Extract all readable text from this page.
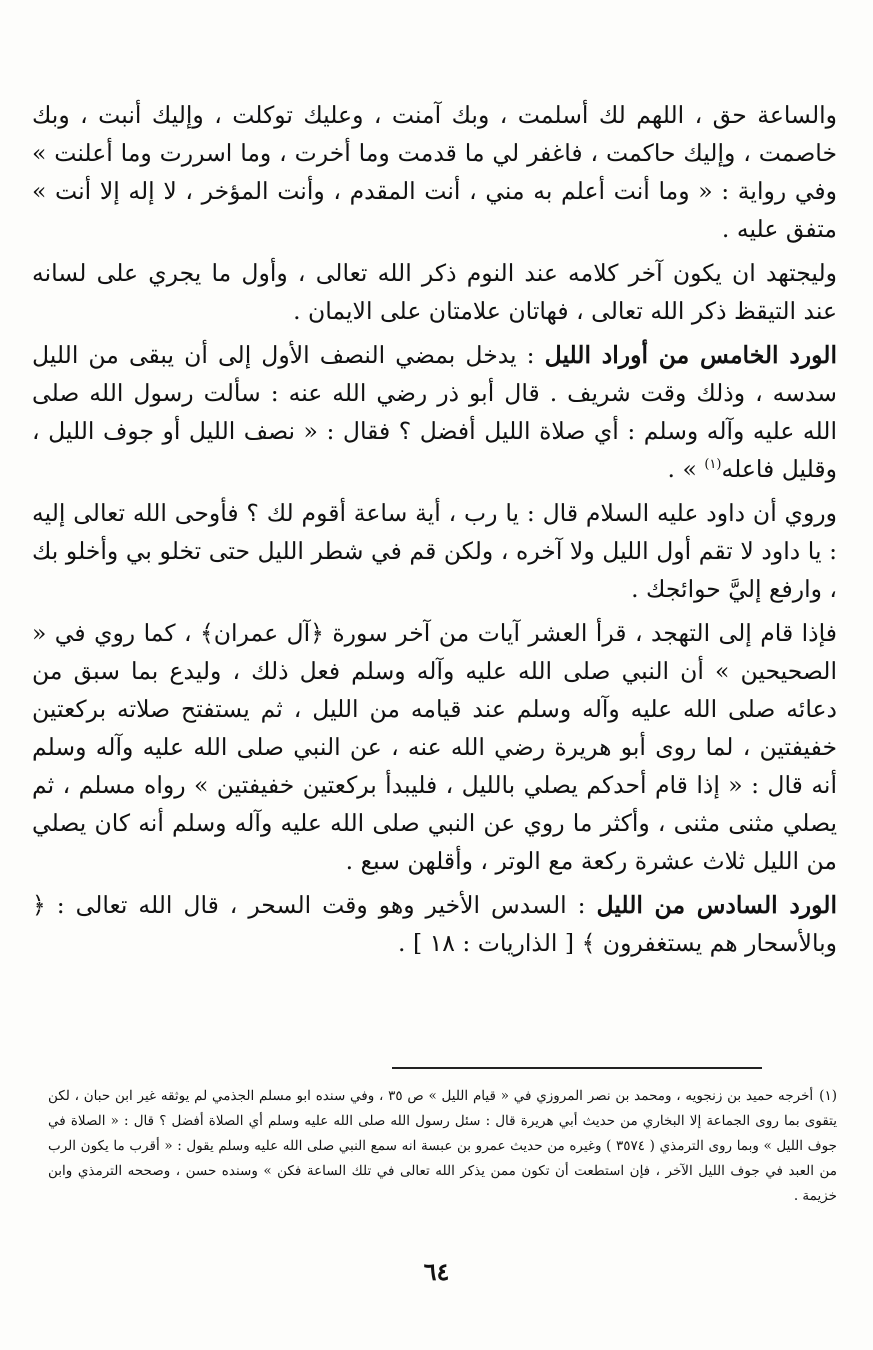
والساعة حق ، اللهم لك أسلمت ، وبك آمنت ، وعليك توكلت ، وإليك أنبت ، وبك خاصمت ، وإليك حاكمت ، فاغفر لي ما قدمت وما أخرت ، وما اسررت وما أعلنت » وفي رواية : « وما أنت أعلم به مني ، أنت المقدم ، وأنت المؤخر ، لا إله إلا أنت » متفق عليه .

وليجتهد ان يكون آخر كلامه عند النوم ذكر الله تعالى ، وأول ما يجري على لسانه عند التيقظ ذكر الله تعالى ، فهاتان علامتان على الايمان .

الورد الخامس من أوراد الليل : يدخل بمضي النصف الأول إلى أن يبقى من الليل سدسه ، وذلك وقت شريف . قال أبو ذر رضي الله عنه : سألت رسول الله صلى الله عليه وآله وسلم : أي صلاة الليل أفضل ؟ فقال : « نصف الليل أو جوف الليل ، وقليل فاعله$^{(١)}$ » .

وروي أن داود عليه السلام قال : يا رب ، أية ساعة أقوم لك ؟ فأوحى الله تعالى إليه : يا داود لا تقم أول الليل ولا آخره ، ولكن قم في شطر الليل حتى تخلو بي وأخلو بك ، وارفع إليَّ حوائجك .

فإذا قام إلى التهجد ، قرأ العشر آيات من آخر سورة ﴿آل عمران﴾ ، كما روي في « الصحيحين » أن النبي صلى الله عليه وآله وسلم فعل ذلك ، وليدع بما سبق من دعائه صلى الله عليه وآله وسلم عند قيامه من الليل ، ثم يستفتح صلاته بركعتين خفيفتين ، لما روى أبو هريرة رضي الله عنه ، عن النبي صلى الله عليه وآله وسلم أنه قال : « إذا قام أحدكم يصلي بالليل ، فليبدأ بركعتين خفيفتين » رواه مسلم ، ثم يصلي مثنى مثنى ، وأكثر ما روي عن النبي صلى الله عليه وآله وسلم أنه كان يصلي من الليل ثلاث عشرة ركعة مع الوتر ، وأقلهن سبع .

الورد السادس من الليل : السدس الأخير وهو وقت السحر ، قال الله تعالى : ﴿ وبالأسحار هم يستغفرون ﴾ [ الذاريات : ١٨ ] .

(١)أخرجه حميد بن زنجويه ، ومحمد بن نصر المروزي في « قيام الليل » ص ٣٥ ، وفي سنده ابو مسلم الجذمي لم يوثقه غير ابن حبان ، لكن يتقوى بما روى الجماعة إلا البخاري من حديث أبي هريرة قال : سئل رسول الله صلى الله عليه وسلم أي الصلاة أفضل ؟ قال : « الصلاة في جوف الليل » وبما روى الترمذي ( ٣٥٧٤ ) وغيره من حديث عمرو بن عبسة انه سمع النبي صلى الله عليه وسلم يقول : « أقرب ما يكون الرب من العبد في جوف الليل الآخر ، فإن استطعت أن تكون ممن يذكر الله تعالى في تلك الساعة فكن » وسنده حسن ، وصححه الترمذي وابن خزيمة .

٦٤
